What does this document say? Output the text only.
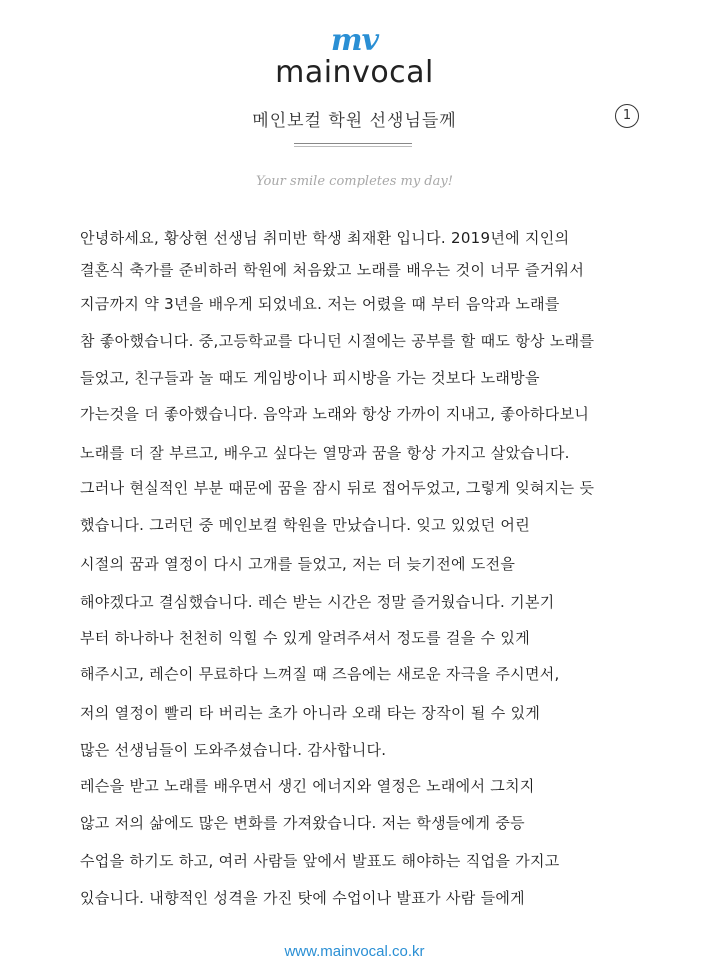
mv
mainvocal
메인보컬 학원 선생님들께	1
Your smile completes my day!
안녕하세요, 황상현 선생님 취미반 학생 최재환 입니다. 2019년에 지인의
결혼식 축가를 준비하러 학원에 처음왔고 노래를 배우는 것이 너무 즐거워서
지금까지 약 3년을 배우게 되었네요. 저는 어렸을 때 부터 음악과 노래를
참 좋아했습니다. 중,고등학교를 다니던 시절에는 공부를 할 때도 항상 노래를
들었고, 친구들과 놀 때도 게임방이나 피시방을 가는 것보다 노래방을
가는것을 더 좋아했습니다. 음악과 노래와 항상 가까이 지내고, 좋아하다보니
노래를 더 잘 부르고, 배우고 싶다는 열망과 꿈을 항상 가지고 살았습니다.
그러나 현실적인 부분 때문에 꿈을 잠시 뒤로 접어두었고, 그렇게 잊혀지는 듯
했습니다. 그러던 중 메인보컬 학원을 만났습니다. 잊고 있었던 어린
시절의 꿈과 열정이 다시 고개를 들었고, 저는 더 늦기전에 도전을
해야겠다고 결심했습니다. 레슨 받는 시간은 정말 즐거웠습니다. 기본기
부터 하나하나 천천히 익힐 수 있게 알려주셔서 정도를 걸을 수 있게
해주시고, 레슨이 무료하다 느껴질 때 즈음에는 새로운 자극을 주시면서,
저의 열정이 빨리 타 버리는 초가 아니라 오래 타는 장작이 될 수 있게
많은 선생님들이 도와주셨습니다. 감사합니다.
레슨을 받고 노래를 배우면서 생긴 에너지와 열정은 노래에서 그치지
않고 저의 삶에도 많은 변화를 가져왔습니다. 저는 학생들에게 중등
수업을 하기도 하고, 여러 사람들 앞에서 발표도 해야하는 직업을 가지고
있습니다. 내향적인 성격을 가진 탓에 수업이나 발표가 사람 들에게
www.mainvocal.co.kr
